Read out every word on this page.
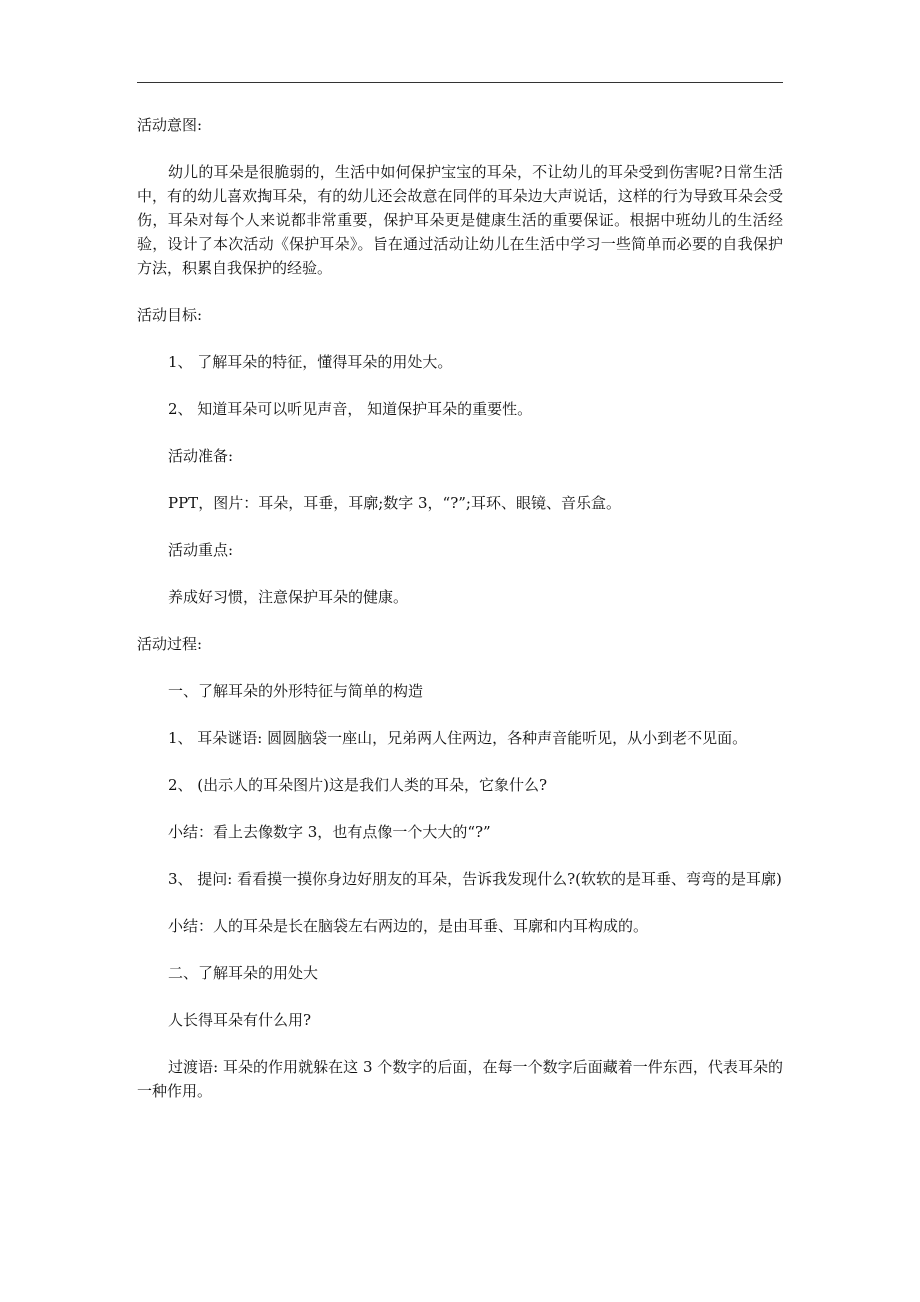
活动意图:

幼儿的耳朵是很脆弱的，生活中如何保护宝宝的耳朵，不让幼儿的耳朵受到伤害呢?日常生活中，有的幼儿喜欢掏耳朵，有的幼儿还会故意在同伴的耳朵边大声说话，这样的行为导致耳朵会受伤，耳朵对每个人来说都非常重要，保护耳朵更是健康生活的重要保证。根据中班幼儿的生活经验，设计了本次活动《保护耳朵》。旨在通过活动让幼儿在生活中学习一些简单而必要的自我保护方法，积累自我保护的经验。

活动目标:

1、 了解耳朵的特征，懂得耳朵的用处大。

2、 知道耳朵可以听见声音， 知道保护耳朵的重要性。

活动准备:

PPT，图片：耳朵，耳垂，耳廓;数字 3，“?”;耳环、眼镜、音乐盒。

活动重点:

养成好习惯，注意保护耳朵的健康。

活动过程:

一、了解耳朵的外形特征与简单的构造

1、 耳朵谜语: 圆圆脑袋一座山，兄弟两人住两边，各种声音能听见，从小到老不见面。

2、 (出示人的耳朵图片)这是我们人类的耳朵，它象什么?

小结：看上去像数字 3，也有点像一个大大的“?”

3、 提问: 看看摸一摸你身边好朋友的耳朵，告诉我发现什么?(软软的是耳垂、弯弯的是耳廓)

小结：人的耳朵是长在脑袋左右两边的，是由耳垂、耳廓和内耳构成的。

二、了解耳朵的用处大

人长得耳朵有什么用?

过渡语: 耳朵的作用就躲在这 3 个数字的后面，在每一个数字后面藏着一件东西，代表耳朵的一种作用。
